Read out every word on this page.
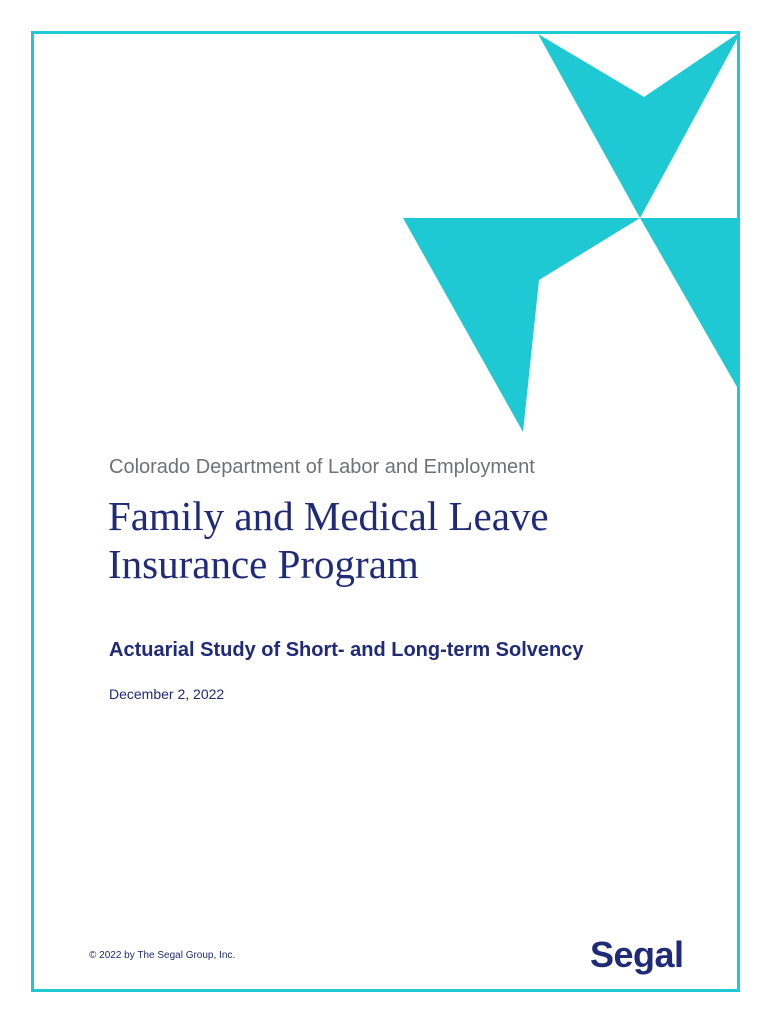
Colorado Department of Labor and Employment
Family and Medical Leave
Insurance Program
Actuarial Study of Short- and Long-term Solvency
December 2, 2022
© 2022 by The Segal Group, Inc.	Segal
